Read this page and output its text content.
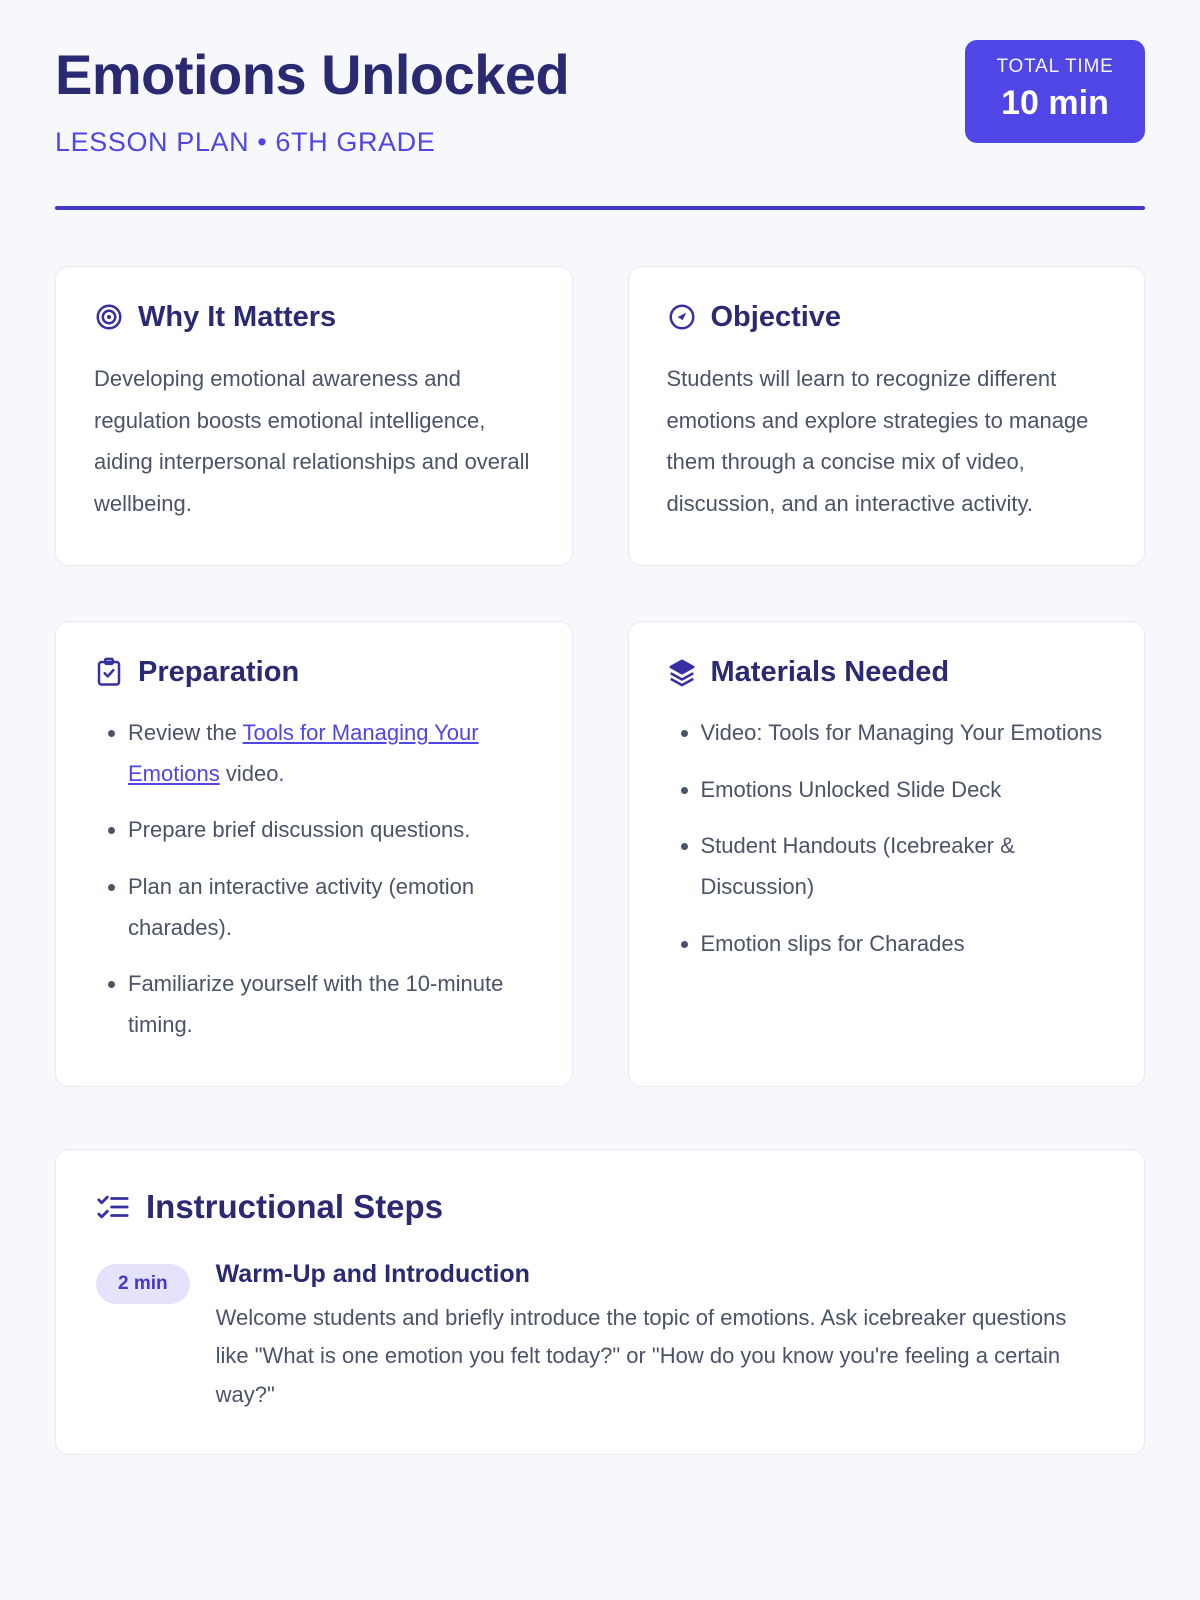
Emotions Unlocked
LESSON PLAN • 6TH GRADE
TOTAL TIME
10 min
Why It Matters

Developing emotional awareness and regulation boosts emotional intelligence, aiding interpersonal relationships and overall wellbeing.

Objective

Students will learn to recognize different emotions and explore strategies to manage them through a concise mix of video, discussion, and an interactive activity.

Preparation
• Review the Tools for Managing Your Emotions video.
• Prepare brief discussion questions.
• Plan an interactive activity (emotion charades).
• Familiarize yourself with the 10-minute timing.
Materials Needed
• Video: Tools for Managing Your Emotions
• Emotions Unlocked Slide Deck
• Student Handouts (Icebreaker & Discussion)
• Emotion slips for Charades
Instructional Steps
2 min	Warm-Up and Introduction
Welcome students and briefly introduce the topic of emotions. Ask icebreaker questions like "What is one emotion you felt today?" or "How do you know you're feeling a certain way?"
